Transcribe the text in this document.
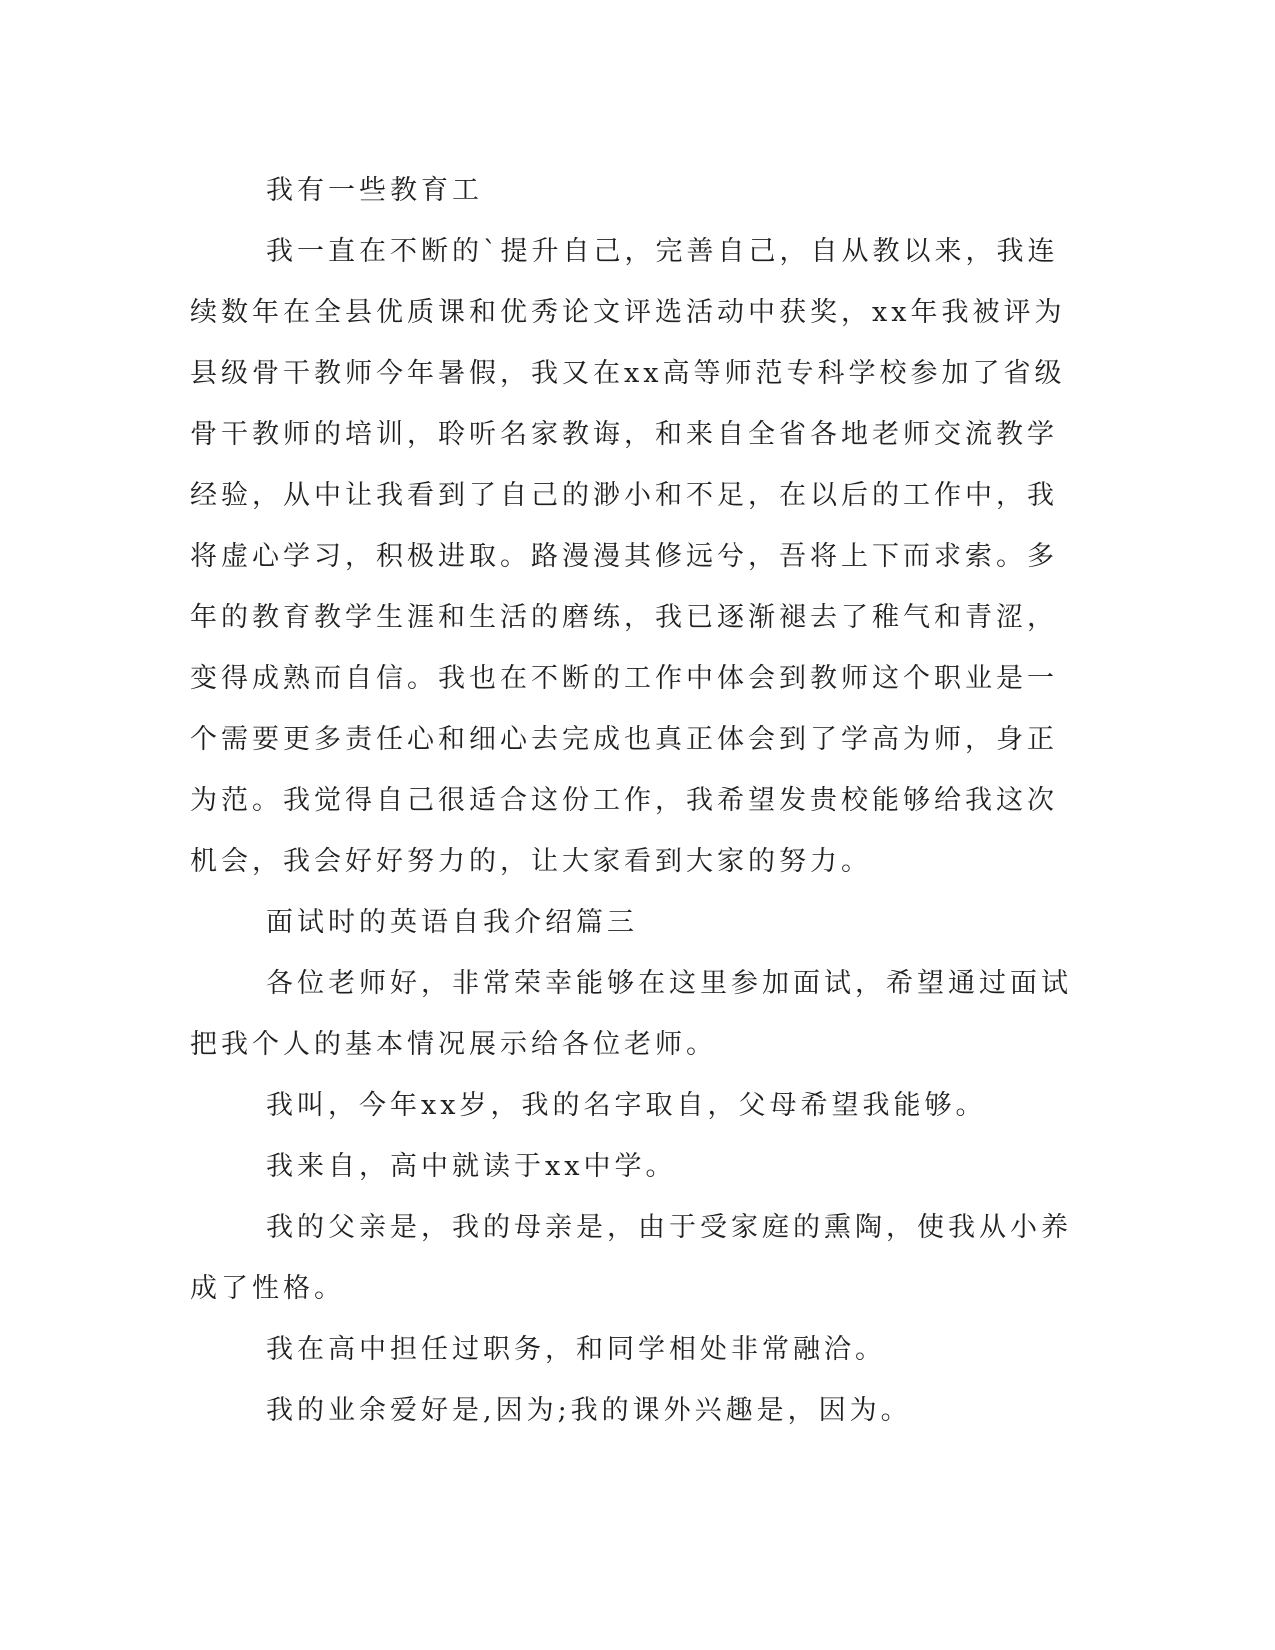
我有一些教育工

我一直在不断的`提升自己，完善自己，自从教以来，我连续数年在全县优质课和优秀论文评选活动中获奖，xx年我被评为县级骨干教师今年暑假，我又在xx高等师范专科学校参加了省级骨干教师的培训，聆听名家教诲，和来自全省各地老师交流教学经验，从中让我看到了自己的渺小和不足，在以后的工作中，我将虚心学习，积极进取。路漫漫其修远兮，吾将上下而求索。多年的教育教学生涯和生活的磨练，我已逐渐褪去了稚气和青涩，变得成熟而自信。我也在不断的工作中体会到教师这个职业是一个需要更多责任心和细心去完成也真正体会到了学高为师，身正为范。我觉得自己很适合这份工作，我希望发贵校能够给我这次机会，我会好好努力的，让大家看到大家的努力。

面试时的英语自我介绍篇三

各位老师好，非常荣幸能够在这里参加面试，希望通过面试把我个人的基本情况展示给各位老师。

我叫，今年xx岁，我的名字取自，父母希望我能够。

我来自，高中就读于xx中学。

我的父亲是，我的母亲是，由于受家庭的熏陶，使我从小养成了性格。

我在高中担任过职务，和同学相处非常融洽。

我的业余爱好是,因为;我的课外兴趣是，因为。
